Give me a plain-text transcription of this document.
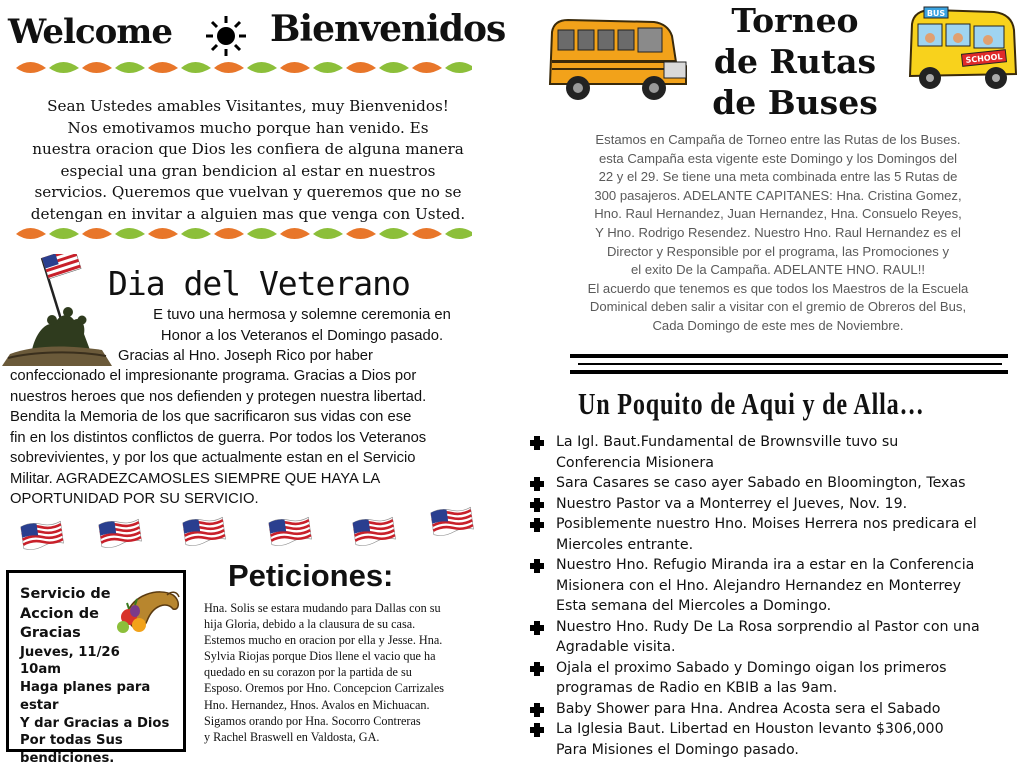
Welcome	Bienvenidos
Sean Ustedes amables Visitantes, muy Bienvenidos!
Nos emotivamos mucho porque han venido. Es
nuestra oracion que Dios les confiera de alguna manera
especial una gran bendicion al estar en nuestros
servicios. Queremos que vuelvan y queremos que no se
detengan en invitar a alguien mas que venga con Usted.
Dia del Veterano

E tuvo una hermosa y solemne ceremonia en

Honor a los Veteranos el Domingo pasado.

Gracias al Hno. Joseph Rico por haber

confeccionado el impresionante programa. Gracias a Dios por
nuestros heroes que nos defienden y protegen nuestra libertad.
Bendita la Memoria de los que sacrificaron sus vidas con ese
fin en los distintos conflictos de guerra. Por todos los Veteranos
sobrevivientes, y por los que actualmente estan en el Servicio
Militar. AGRADEZCAMOSLES SIEMPRE QUE HAYA LA
OPORTUNIDAD POR SU SERVICIO.
Servicio de
Accion de
Gracias
Jueves, 11/26
10am
Haga planes para estar
Y dar Gracias a Dios
Por todas Sus
bendiciones.
Peticiones:
Hna. Solis se estara mudando para Dallas con su
hija Gloria, debido a la clausura de su casa.
Estemos mucho en oracion por ella y Jesse. Hna.
Sylvia Riojas porque Dios llene el vacio que ha
quedado en su corazon por la partida de su
Esposo. Oremos por Hno. Concepcion Carrizales
Hno. Hernandez, Hnos. Avalos en Michuacan.
Sigamos orando por Hna. Socorro Contreras
y Rachel Braswell en Valdosta, GA.
Torneo
de Rutas
de Buses
BUS
SCHOOL

Estamos en Campaña de Torneo entre las Rutas de los Buses.

esta Campaña esta vigente este Domingo y los Domingos del

22 y el 29. Se tiene una meta combinada entre las 5 Rutas de

300 pasajeros. ADELANTE CAPITANES: Hna. Cristina Gomez,

Hno. Raul Hernandez, Juan Hernandez, Hna. Consuelo Reyes,

Y Hno. Rodrigo Resendez. Nuestro Hno. Raul Hernandez es el

Director y Responsible por el programa, las Promociones y

el exito De la Campaña. ADELANTE HNO. RAUL!!

El acuerdo que tenemos es que todos los Maestros de la Escuela

Dominical deben salir a visitar con el gremio de Obreros del Bus,

Cada Domingo de este mes de Noviembre.

Un Poquito de Aqui y de Alla…
La Igl. Baut.Fundamental de Brownsville tuvo su
Conferencia Misionera
Sara Casares se caso ayer Sabado en Bloomington, Texas
Nuestro Pastor va a Monterrey el Jueves, Nov. 19.
Posiblemente nuestro Hno. Moises Herrera nos predicara el
Miercoles entrante.
Nuestro Hno. Refugio Miranda ira a estar en la Conferencia
Misionera con el Hno. Alejandro Hernandez en Monterrey
Esta semana del Miercoles a Domingo.
Nuestro Hno. Rudy De La Rosa sorprendio al Pastor con una
Agradable visita.
Ojala el proximo Sabado y Domingo oigan los primeros
programas de Radio en KBIB a las 9am.
Baby Shower para Hna. Andrea Acosta sera el Sabado
La Iglesia Baut. Libertad en Houston levanto $306,000
Para Misiones el Domingo pasado.
